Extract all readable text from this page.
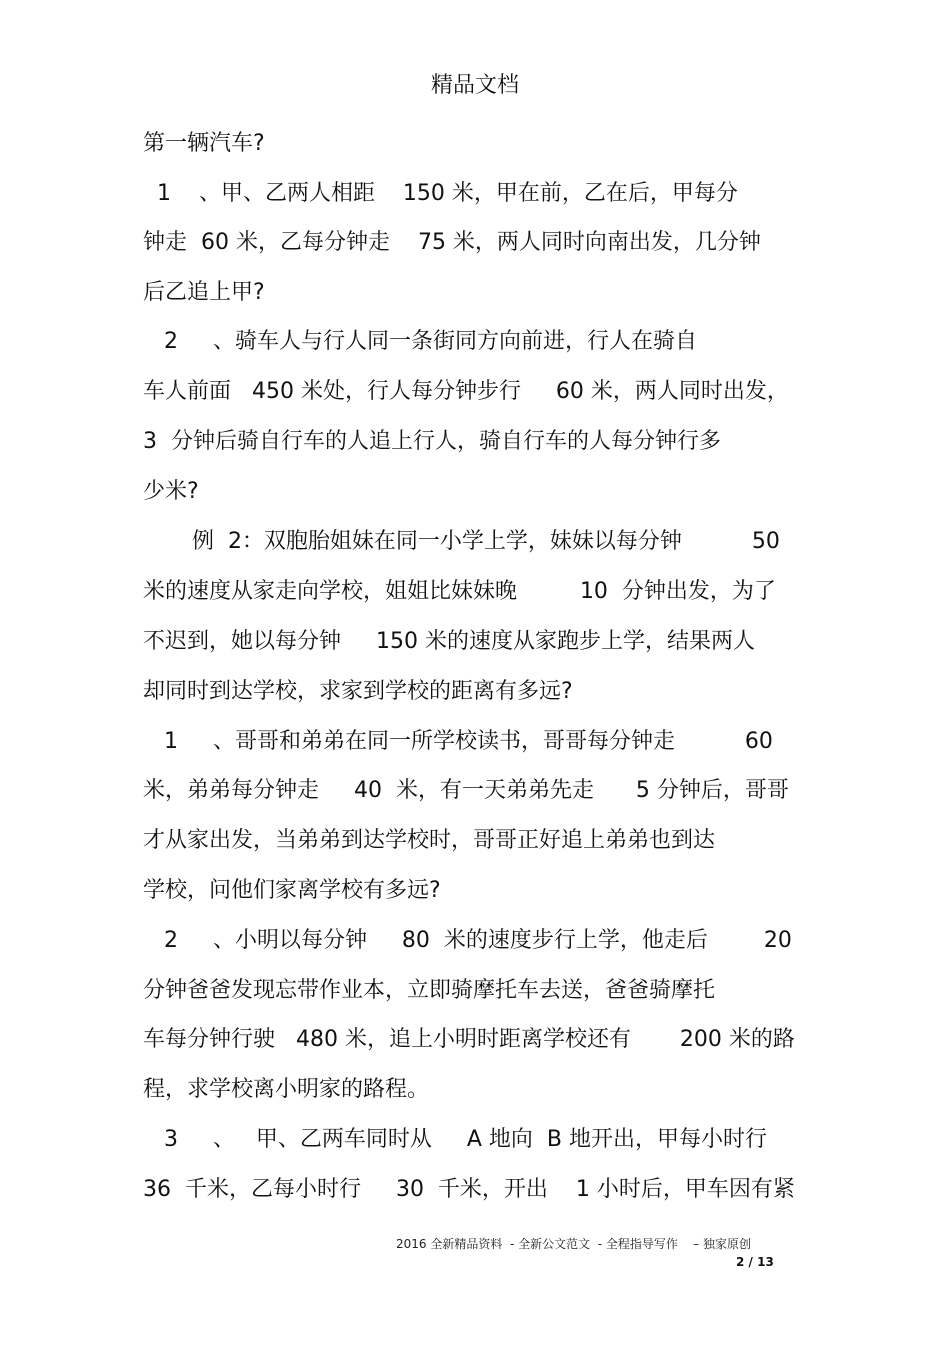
精品文档
第一辆汽车?
1    、甲、乙两人相距    150 米，甲在前，乙在后，甲每分
钟走  60 米，乙每分钟走    75 米，两人同时向南出发，几分钟
后乙追上甲?
2     、骑车人与行人同一条街同方向前进，行人在骑自
车人前面   450 米处，行人每分钟步行     60 米，两人同时出发，
3  分钟后骑自行车的人追上行人，骑自行车的人每分钟行多
少米?
例  2：双胞胎姐妹在同一小学上学，妹妹以每分钟          50
米的速度从家走向学校，姐姐比妹妹晚         10  分钟出发，为了
不迟到，她以每分钟     150 米的速度从家跑步上学，结果两人
却同时到达学校，求家到学校的距离有多远?
1     、哥哥和弟弟在同一所学校读书，哥哥每分钟走          60
米，弟弟每分钟走     40  米，有一天弟弟先走      5 分钟后，哥哥
才从家出发，当弟弟到达学校时，哥哥正好追上弟弟也到达
学校，问他们家离学校有多远?
2     、小明以每分钟     80  米的速度步行上学，他走后        20
分钟爸爸发现忘带作业本，立即骑摩托车去送，爸爸骑摩托
车每分钟行驶   480 米，追上小明时距离学校还有       200 米的路
程，求学校离小明家的路程。
3     、   甲、乙两车同时从     A 地向  B 地开出，甲每小时行
36  千米，乙每小时行     30  千米，开出    1 小时后，甲车因有紧
2016 全新精品资料  - 全新公文范文  - 全程指导写作    – 独家原创
2 / 13
